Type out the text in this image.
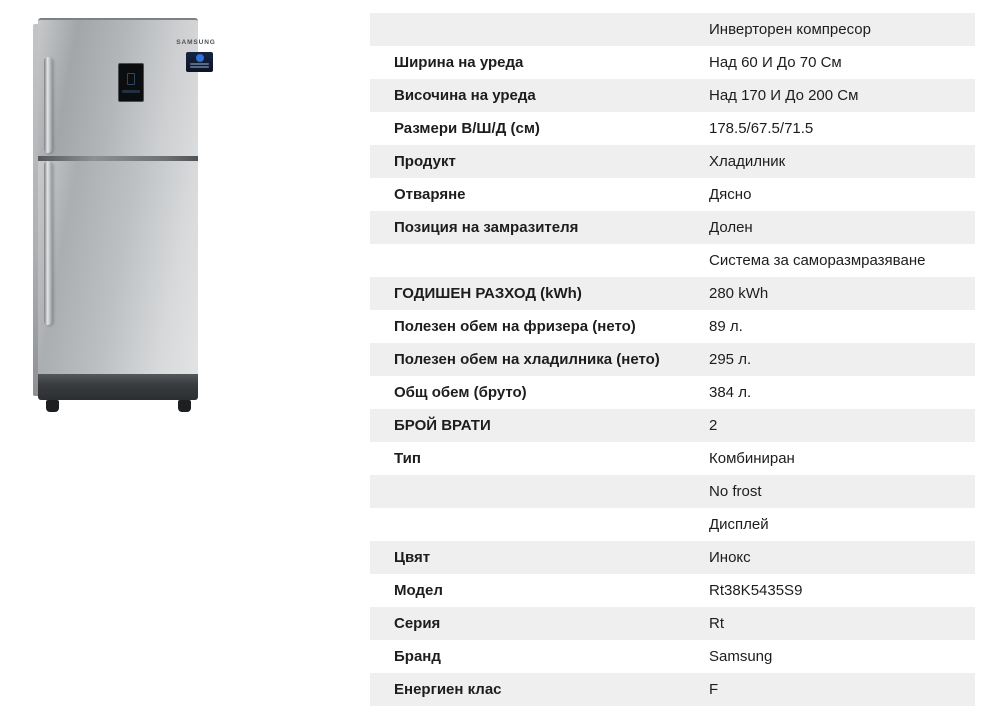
SAMSUNG
Инверторен компресор
Ширина на уреда	Над 60 И До 70 См
Височина на уреда	Над 170 И До 200 См
Размери В/Ш/Д (см)	178.5/67.5/71.5
Продукт	Хладилник
Отваряне	Дясно
Позиция на замразителя	Долен
Система за саморазмразяване
ГОДИШЕН РАЗХОД (kWh)	280 kWh
Полезен обем на фризера (нето)	89 л.
Полезен обем на хладилника (нето)	295 л.
Общ обем (бруто)	384 л.
БРОЙ ВРАТИ	2
Тип	Комбиниран
No frost
Дисплей
Цвят	Инокс
Модел	Rt38K5435S9
Серия	Rt
Бранд	Samsung
Енергиен клас	F
